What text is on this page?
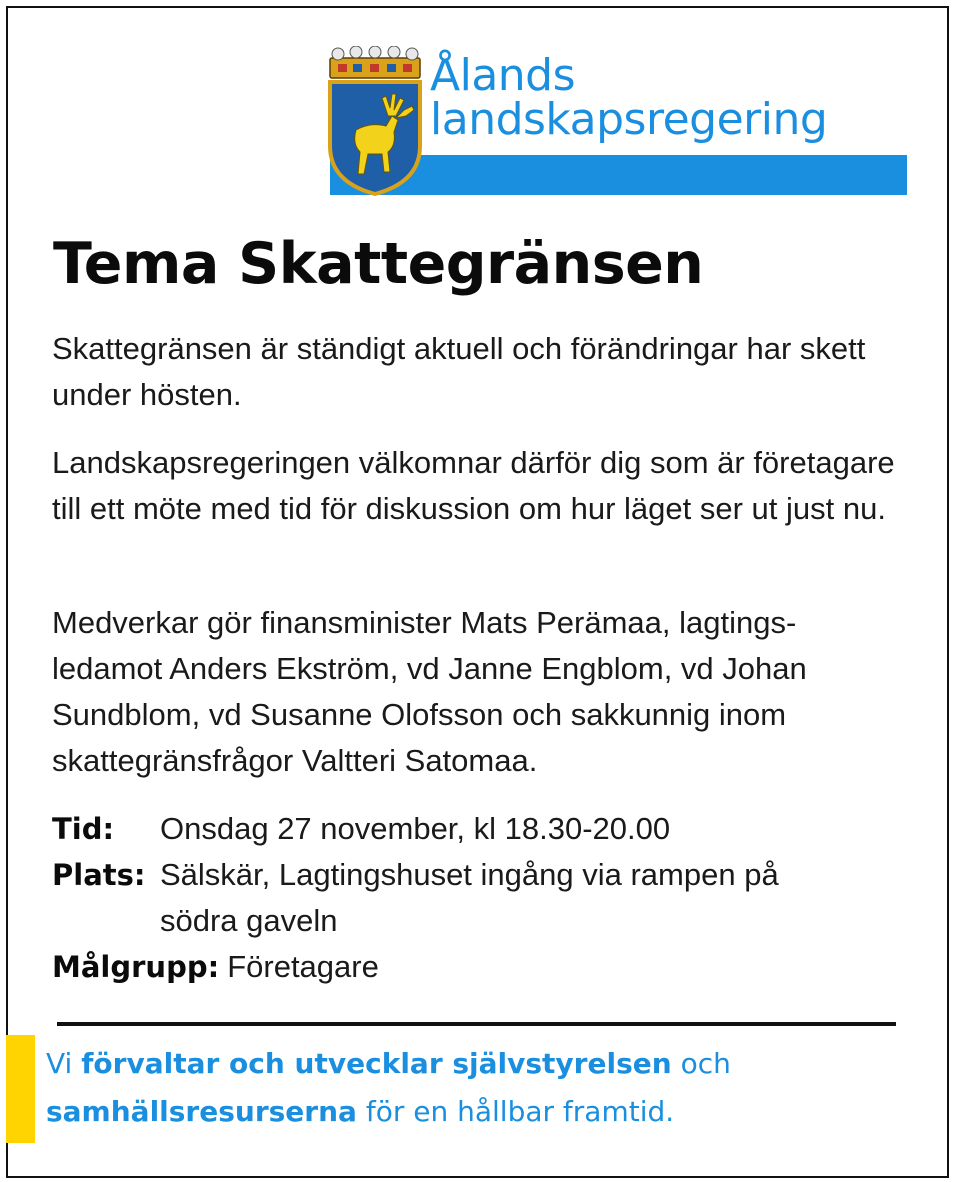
Ålands
landskapsregering
Tema Skattegränsen

Skattegränsen är ständigt aktuell och förändringar har skett under hösten.

Landskapsregeringen välkomnar därför dig som är företagare till ett möte med tid för diskussion om hur läget ser ut just nu.

Medverkar gör finansminister Mats Perämaa, lagtings-ledamot Anders Ekström, vd Janne Engblom, vd Johan Sundblom, vd Susanne Olofsson och sakkunnig inom skattegränsfrågor Valtteri Satomaa.

Tid:	Onsdag 27 november, kl 18.30-20.00
Plats: Sälskär, Lagtingshuset ingång via rampen på södra gaveln
Målgrupp: Företagare
Vi förvaltar och utvecklar självstyrelsen och
samhällsresurserna för en hållbar framtid.
